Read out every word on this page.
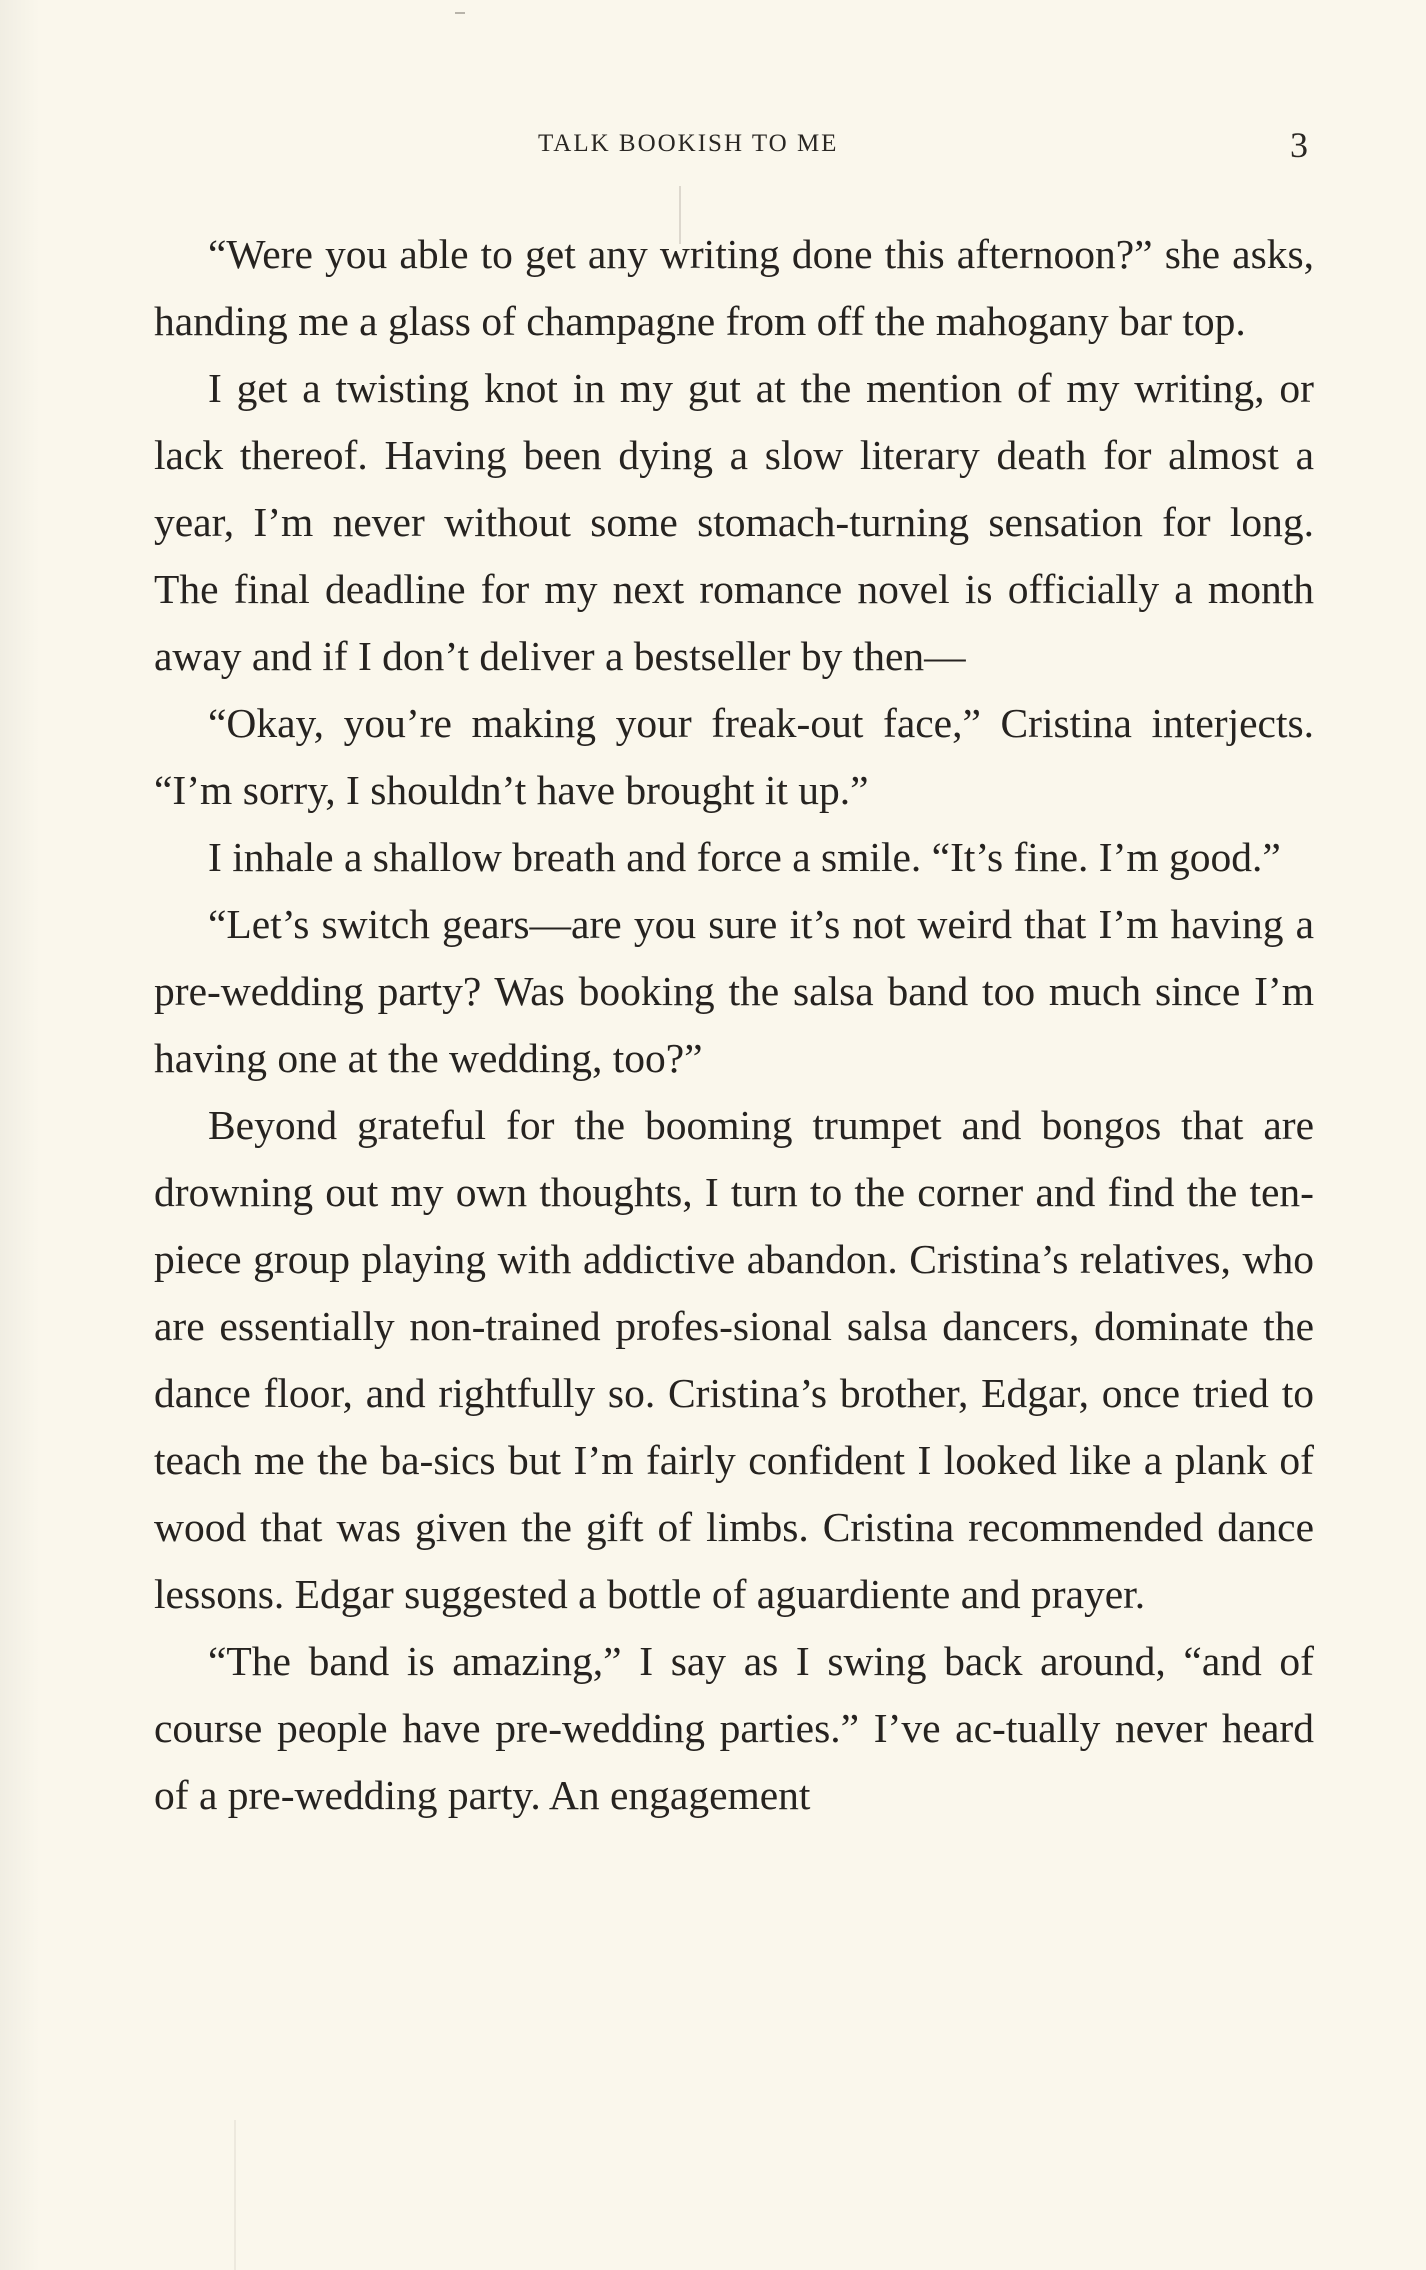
TALK BOOKISH TO ME	3

“Were you able to get any writing done this afternoon?” she asks, handing me a glass of champagne from off the mahogany bar top.

I get a twisting knot in my gut at the mention of my writing, or lack thereof. Having been dying a slow literary death for almost a year, I’m never without some stomach-turning sensation for long. The final deadline for my next romance novel is officially a month away and if I don’t deliver a bestseller by then—

“Okay, you’re making your freak-out face,” Cristina interjects. “I’m sorry, I shouldn’t have brought it up.”

I inhale a shallow breath and force a smile. “It’s fine. I’m good.”

“Let’s switch gears—are you sure it’s not weird that I’m having a pre-wedding party? Was booking the salsa band too much since I’m having one at the wedding, too?”

Beyond grateful for the booming trumpet and bongos that are drowning out my own thoughts, I turn to the corner and find the ten-piece group playing with addictive abandon. Cristina’s relatives, who are essentially non-trained profes-sional salsa dancers, dominate the dance floor, and rightfully so. Cristina’s brother, Edgar, once tried to teach me the ba-sics but I’m fairly confident I looked like a plank of wood that was given the gift of limbs. Cristina recommended dance lessons. Edgar suggested a bottle of aguardiente and prayer.

“The band is amazing,” I say as I swing back around, “and of course people have pre-wedding parties.” I’ve ac-tually never heard of a pre-wedding party. An engagement
